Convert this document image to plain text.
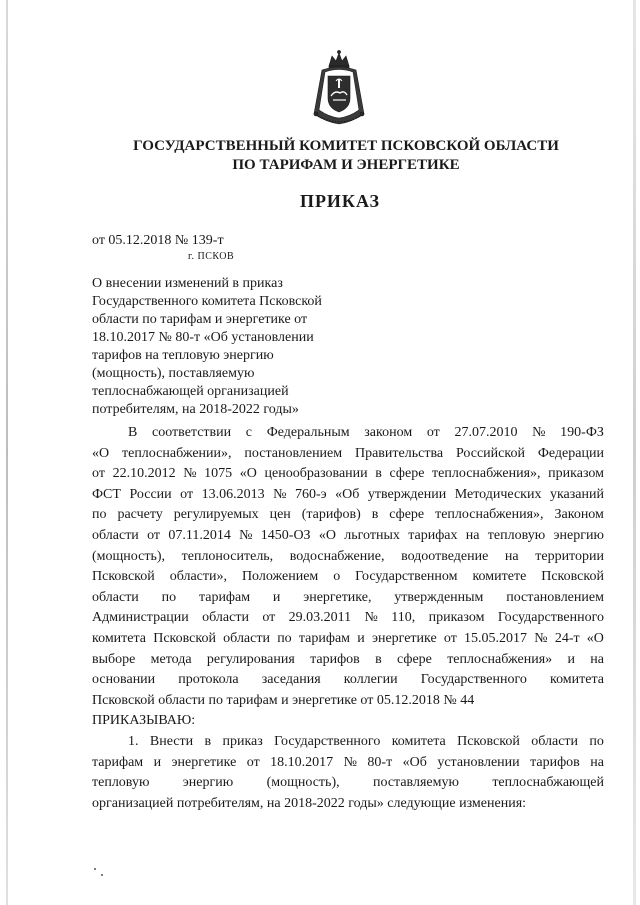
ГОСУДАРСТВЕННЫЙ КОМИТЕТ ПСКОВСКОЙ ОБЛАСТИ
ПО ТАРИФАМ И ЭНЕРГЕТИКЕ
ПРИКАЗ
от 05.12.2018 № 139-т
г. ПСКОВ
О внесении изменений в приказ
Государственного комитета Псковской
области по тарифам и энергетике от
18.10.2017 № 80-т «Об установлении
тарифов на тепловую энергию
(мощность), поставляемую
теплоснабжающей организацией
потребителям, на 2018-2022 годы»
В соответствии с Федеральным законом от 27.07.2010 № 190-ФЗ
«О теплоснабжении», постановлением Правительства Российской Федерации
от 22.10.2012 № 1075 «О ценообразовании в сфере теплоснабжения», приказом
ФСТ России от 13.06.2013 № 760-э «Об утверждении Методических указаний
по расчету регулируемых цен (тарифов) в сфере теплоснабжения», Законом
области от 07.11.2014 № 1450-ОЗ «О льготных тарифах на тепловую энергию
(мощность), теплоноситель, водоснабжение, водоотведение на территории
Псковской области», Положением о Государственном комитете Псковской
области по тарифам и энергетике, утвержденным постановлением
Администрации области от 29.03.2011 № 110, приказом Государственного
комитета Псковской области по тарифам и энергетике от 15.05.2017 № 24-т «О
выборе метода регулирования тарифов в сфере теплоснабжения» и на
основании протокола заседания коллегии Государственного комитета
Псковской области по тарифам и энергетике от 05.12.2018 № 44
ПРИКАЗЫВАЮ:
1. Внести в приказ Государственного комитета Псковской области по
тарифам и энергетике от 18.10.2017 № 80-т «Об установлении тарифов на
тепловую энергию (мощность), поставляемую теплоснабжающей
организацией потребителям, на 2018-2022 годы» следующие изменения:
